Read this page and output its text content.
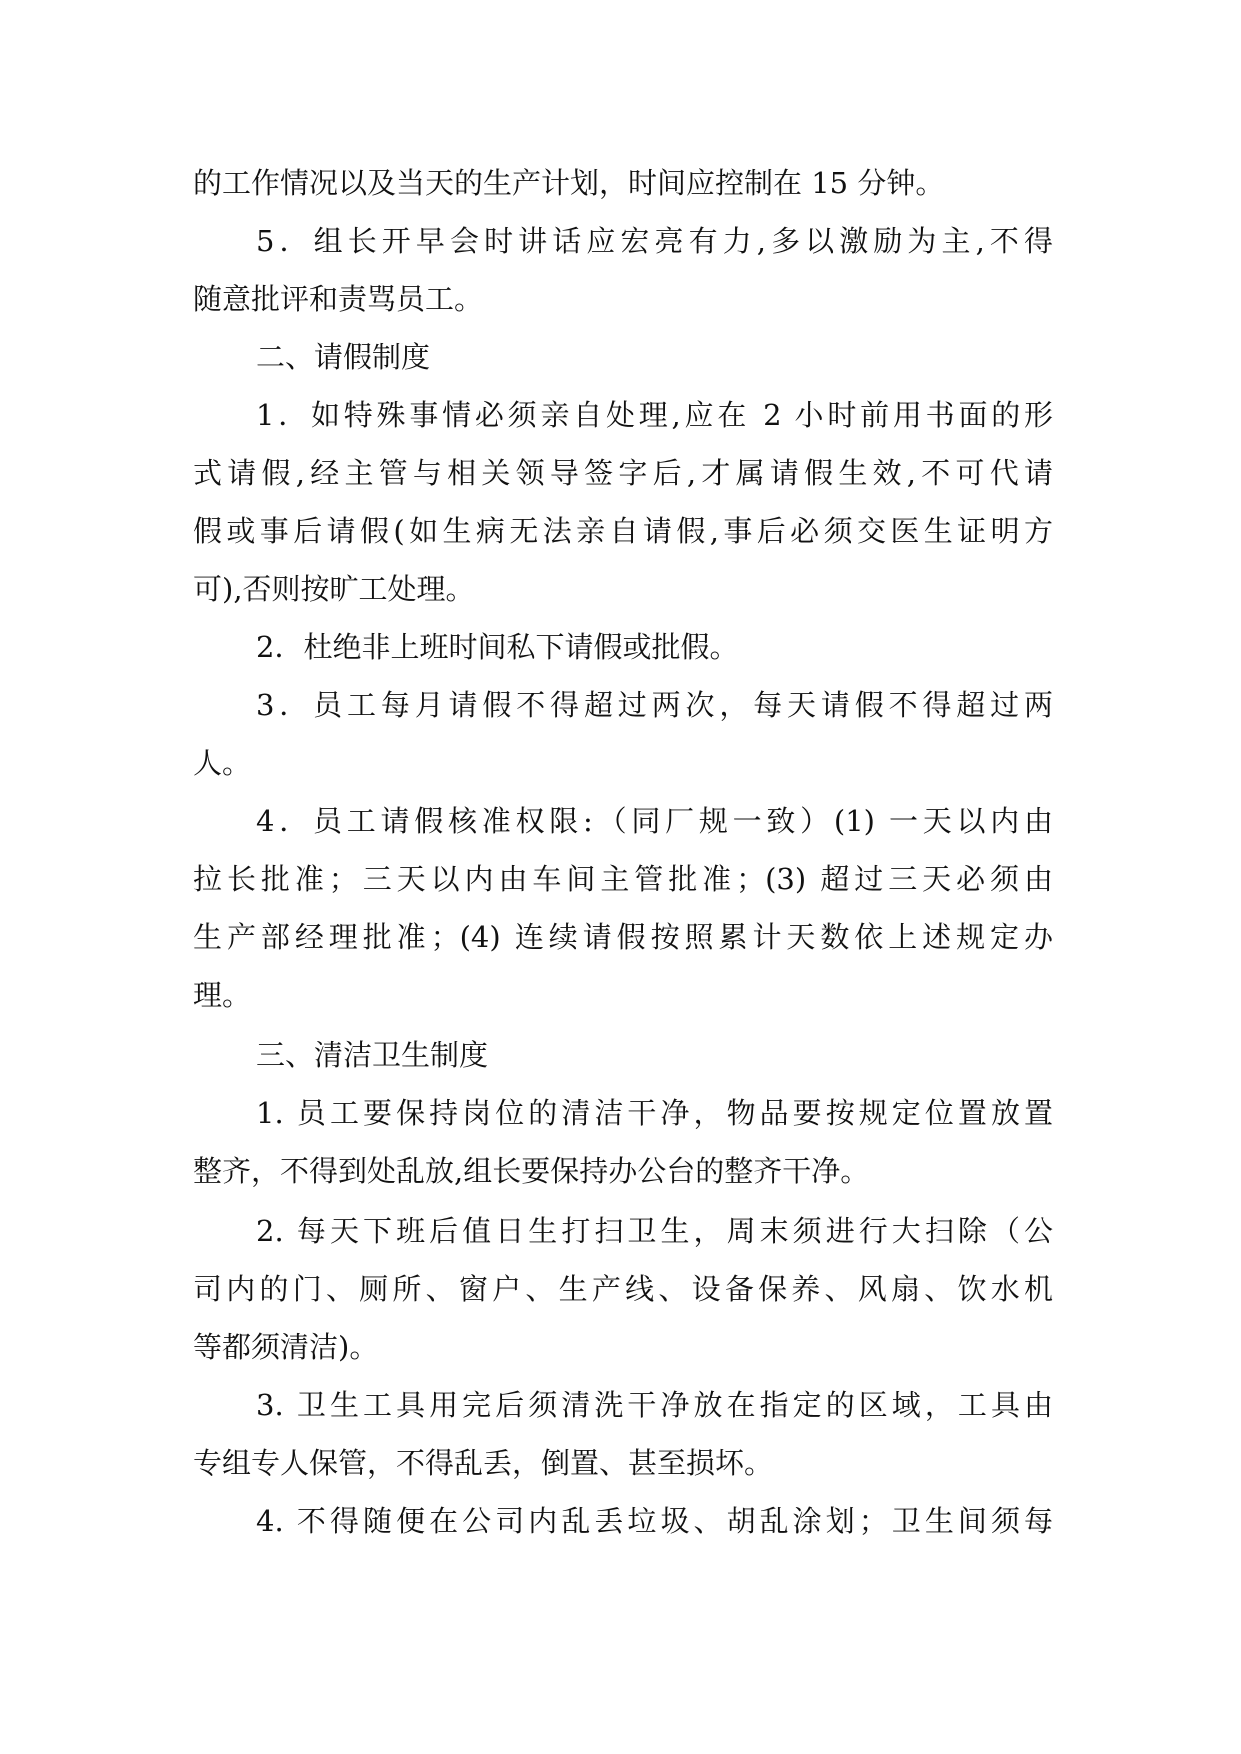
的工作情况以及当天的生产计划，时间应控制在 15 分钟。
5．组长开早会时讲话应宏亮有力,多以激励为主,不得
随意批评和责骂员工。
二、请假制度
1．如特殊事情必须亲自处理,应在 2 小时前用书面的形
式请假,经主管与相关领导签字后,才属请假生效,不可代请
假或事后请假(如生病无法亲自请假,事后必须交医生证明方
可),否则按旷工处理。
2．杜绝非上班时间私下请假或批假。
3．员工每月请假不得超过两次，每天请假不得超过两
人。
4．员工请假核准权限:（同厂规一致）(1) 一天以内由
拉长批准；三天以内由车间主管批准；(3) 超过三天必须由
生产部经理批准；(4) 连续请假按照累计天数依上述规定办
理。
三、清洁卫生制度
1. 员工要保持岗位的清洁干净，物品要按规定位置放置
整齐，不得到处乱放,组长要保持办公台的整齐干净。
2. 每天下班后值日生打扫卫生，周末须进行大扫除（公
司内的门、厕所、窗户、生产线、设备保养、风扇、饮水机
等都须清洁)。
3. 卫生工具用完后须清洗干净放在指定的区域，工具由
专组专人保管，不得乱丢，倒置、甚至损坏。
4. 不得随便在公司内乱丢垃圾、胡乱涂划；卫生间须每
